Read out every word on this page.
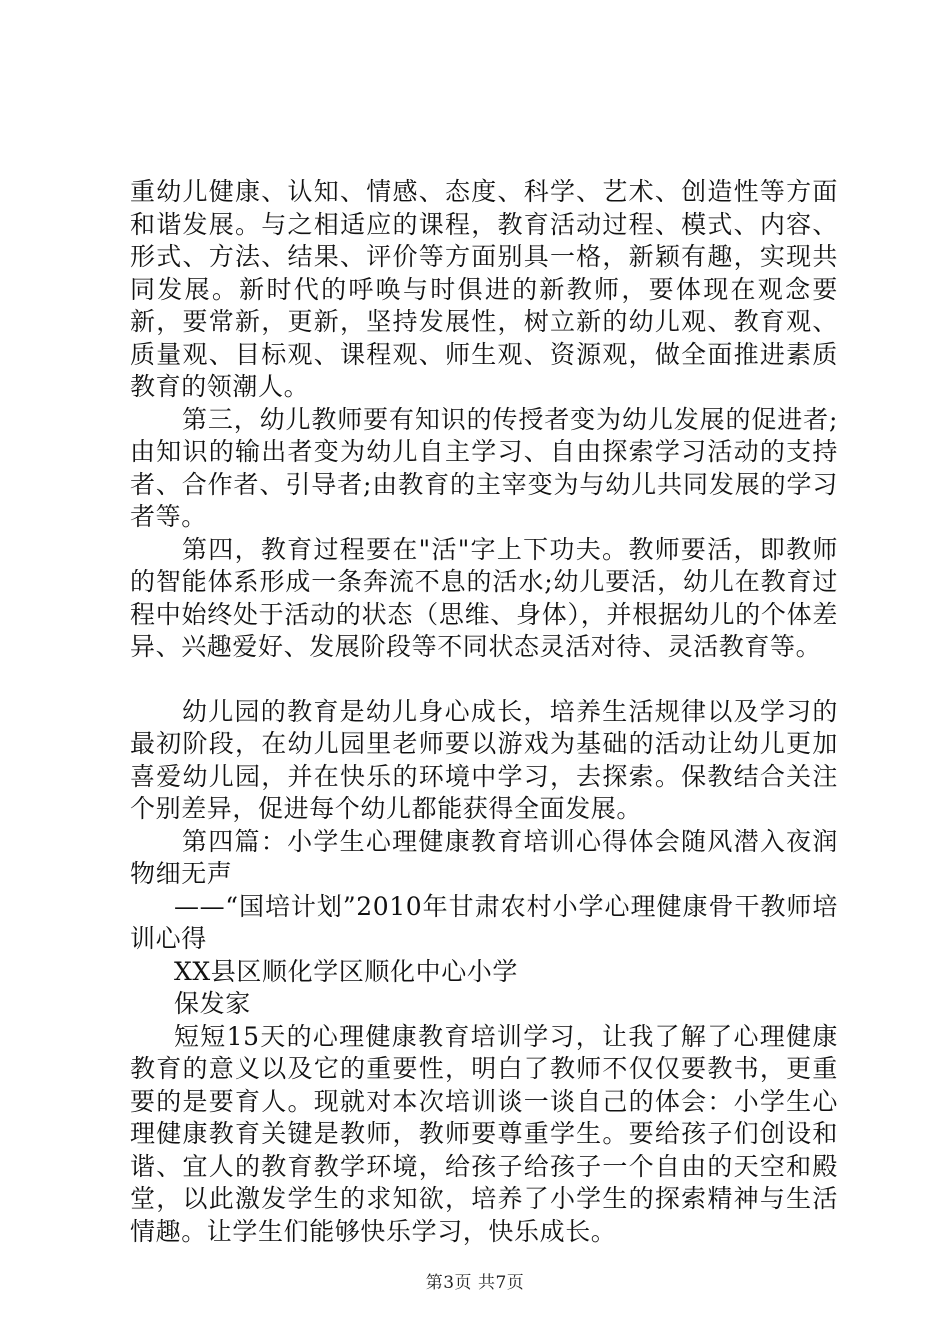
重幼儿健康、认知、情感、态度、科学、艺术、创造性等方面和谐发展。与之相适应的课程，教育活动过程、模式、内容、形式、方法、结果、评价等方面别具一格，新颖有趣，实现共同发展。新时代的呼唤与时俱进的新教师，要体现在观念要新，要常新，更新，坚持发展性，树立新的幼儿观、教育观、质量观、目标观、课程观、师生观、资源观，做全面推进素质教育的领潮人。

第三，幼儿教师要有知识的传授者变为幼儿发展的促进者;由知识的输出者变为幼儿自主学习、自由探索学习活动的支持者、合作者、引导者;由教育的主宰变为与幼儿共同发展的学习者等。

第四，教育过程要在"活"字上下功夫。教师要活，即教师的智能体系形成一条奔流不息的活水;幼儿要活，幼儿在教育过程中始终处于活动的状态（思维、身体），并根据幼儿的个体差异、兴趣爱好、发展阶段等不同状态灵活对待、灵活教育等。

幼儿园的教育是幼儿身心成长，培养生活规律以及学习的最初阶段，在幼儿园里老师要以游戏为基础的活动让幼儿更加喜爱幼儿园，并在快乐的环境中学习，去探索。保教结合关注个别差异，促进每个幼儿都能获得全面发展。

第四篇：小学生心理健康教育培训心得体会随风潜入夜润物细无声

——“国培计划”2010年甘肃农村小学心理健康骨干教师培训心得

XX县区顺化学区顺化中心小学

保发家

短短15天的心理健康教育培训学习，让我了解了心理健康教育的意义以及它的重要性，明白了教师不仅仅要教书，更重要的是要育人。现就对本次培训谈一谈自己的体会：小学生心理健康教育关键是教师，教师要尊重学生。要给孩子们创设和谐、宜人的教育教学环境，给孩子给孩子一个自由的天空和殿堂，以此激发学生的求知欲，培养了小学生的探索精神与生活情趣。让学生们能够快乐学习，快乐成长。

第3页 共7页
